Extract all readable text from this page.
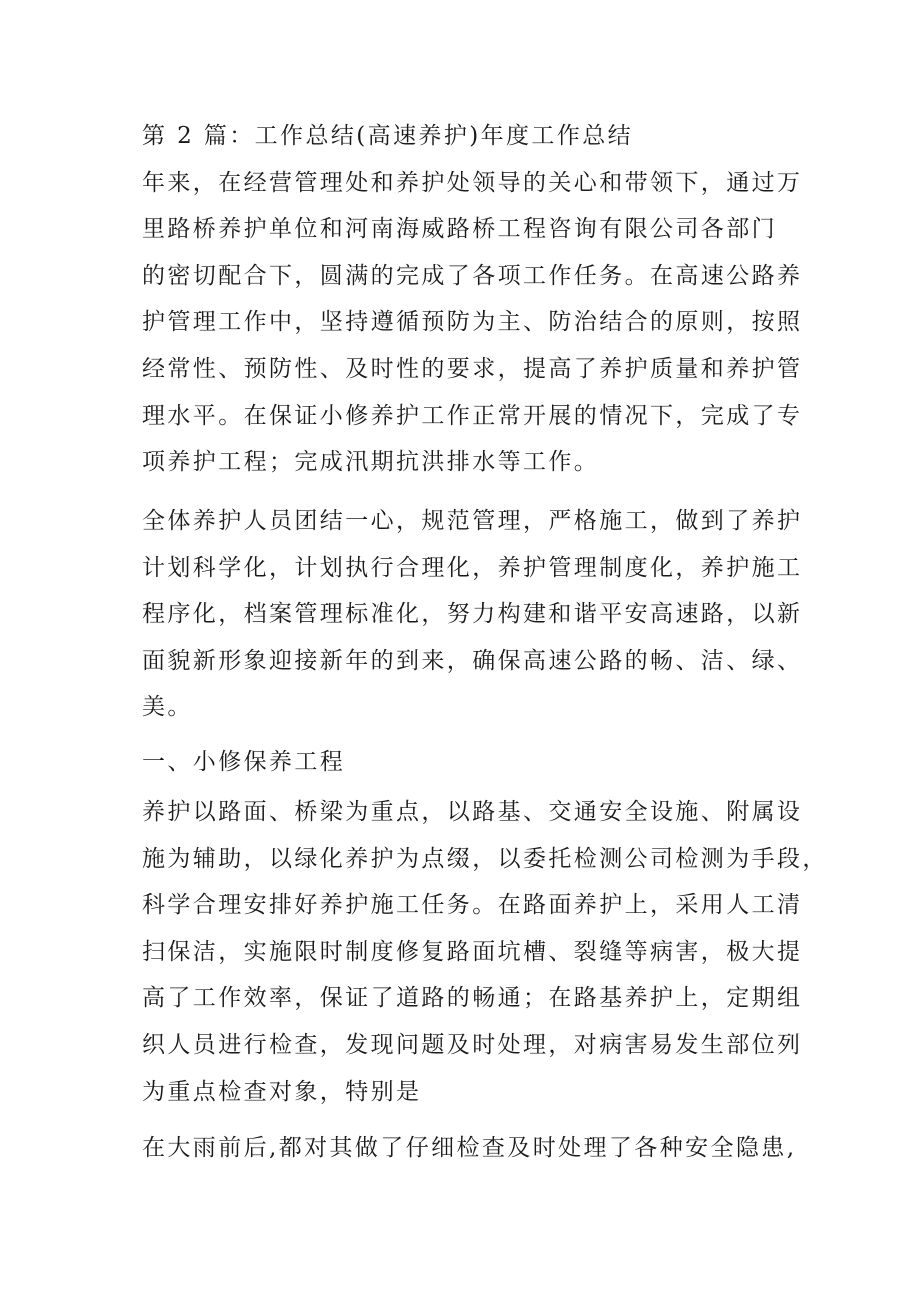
第 2 篇：工作总结(高速养护)年度工作总结
年来，在经营管理处和养护处领导的关心和带领下，通过万
里路桥养护单位和河南海威路桥工程咨询有限公司各部门
的密切配合下，圆满的完成了各项工作任务。在高速公路养
护管理工作中，坚持遵循预防为主、防治结合的原则，按照
经常性、预防性、及时性的要求，提高了养护质量和养护管
理水平。在保证小修养护工作正常开展的情况下，完成了专
项养护工程；完成汛期抗洪排水等工作。
全体养护人员团结一心，规范管理，严格施工，做到了养护
计划科学化，计划执行合理化，养护管理制度化，养护施工
程序化，档案管理标准化，努力构建和谐平安高速路，以新
面貌新形象迎接新年的到来，确保高速公路的畅、洁、绿、
美。
一、小修保养工程
养护以路面、桥梁为重点，以路基、交通安全设施、附属设
施为辅助，以绿化养护为点缀，以委托检测公司检测为手段，
科学合理安排好养护施工任务。在路面养护上，采用人工清
扫保洁，实施限时制度修复路面坑槽、裂缝等病害，极大提
高了工作效率，保证了道路的畅通；在路基养护上，定期组
织人员进行检查，发现问题及时处理，对病害易发生部位列
为重点检查对象，特别是
在大雨前后,都对其做了仔细检查及时处理了各种安全隐患,
